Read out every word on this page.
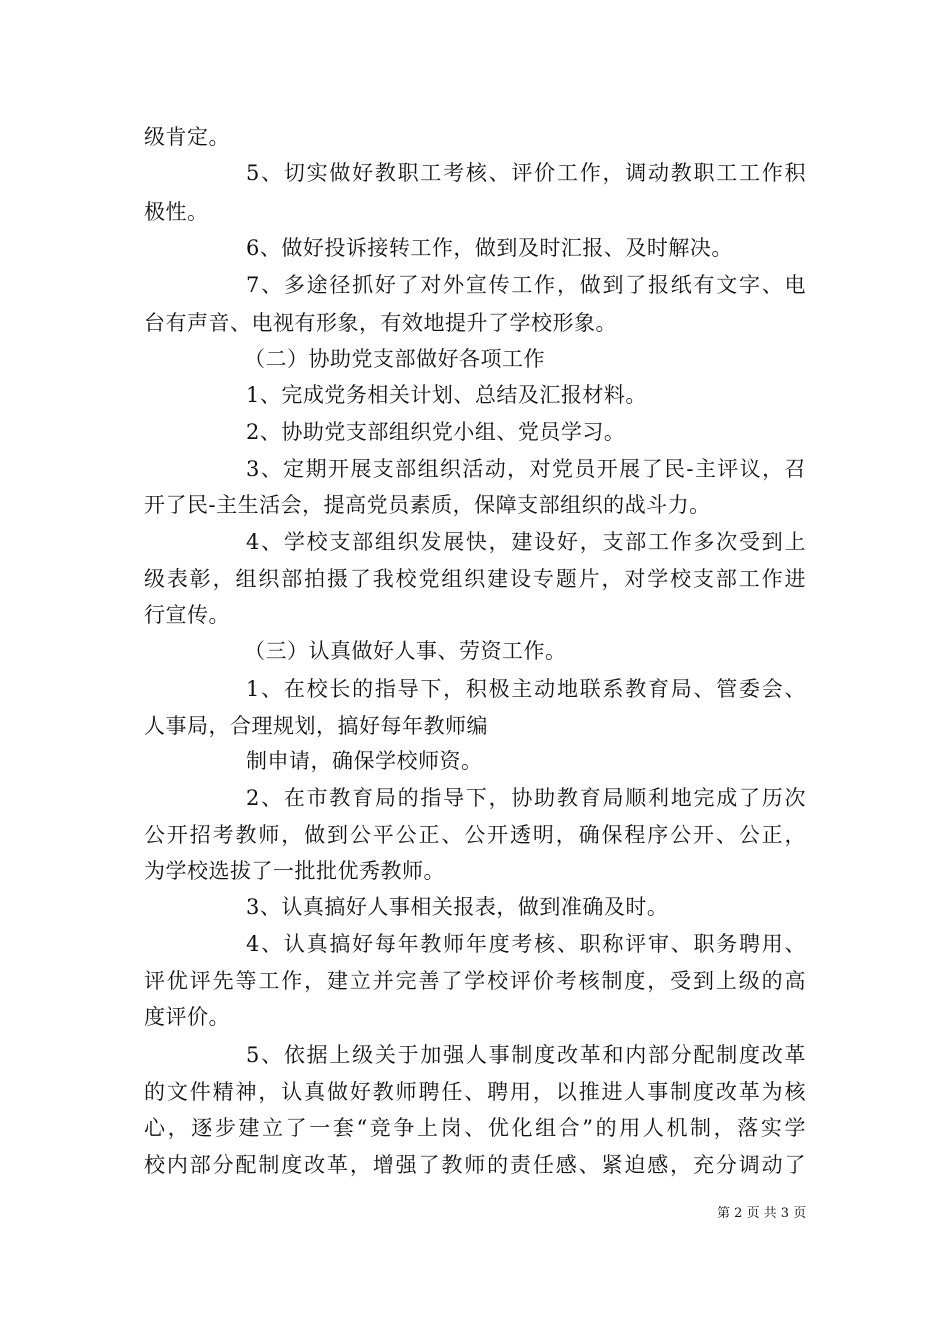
级肯定。
5、切实做好教职工考核、评价工作，调动教职工工作积
极性。
6、做好投诉接转工作，做到及时汇报、及时解决。
7、多途径抓好了对外宣传工作，做到了报纸有文字、电
台有声音、电视有形象，有效地提升了学校形象。
（二）协助党支部做好各项工作
1、完成党务相关计划、总结及汇报材料。
2、协助党支部组织党小组、党员学习。
3、定期开展支部组织活动，对党员开展了民-主评议，召
开了民-主生活会，提高党员素质，保障支部组织的战斗力。
4、学校支部组织发展快，建设好，支部工作多次受到上
级表彰，组织部拍摄了我校党组织建设专题片，对学校支部工作进
行宣传。
（三）认真做好人事、劳资工作。
1、在校长的指导下，积极主动地联系教育局、管委会、
人事局，合理规划，搞好每年教师编
制申请，确保学校师资。
2、在市教育局的指导下，协助教育局顺利地完成了历次
公开招考教师，做到公平公正、公开透明，确保程序公开、公正，
为学校选拔了一批批优秀教师。
3、认真搞好人事相关报表，做到准确及时。
4、认真搞好每年教师年度考核、职称评审、职务聘用、
评优评先等工作，建立并完善了学校评价考核制度，受到上级的高
度评价。
5、依据上级关于加强人事制度改革和内部分配制度改革
的文件精神，认真做好教师聘任、聘用，以推进人事制度改革为核
心，逐步建立了一套“竞争上岗、优化组合”的用人机制，落实学
校内部分配制度改革，增强了教师的责任感、紧迫感，充分调动了
第 2 页 共 3 页
